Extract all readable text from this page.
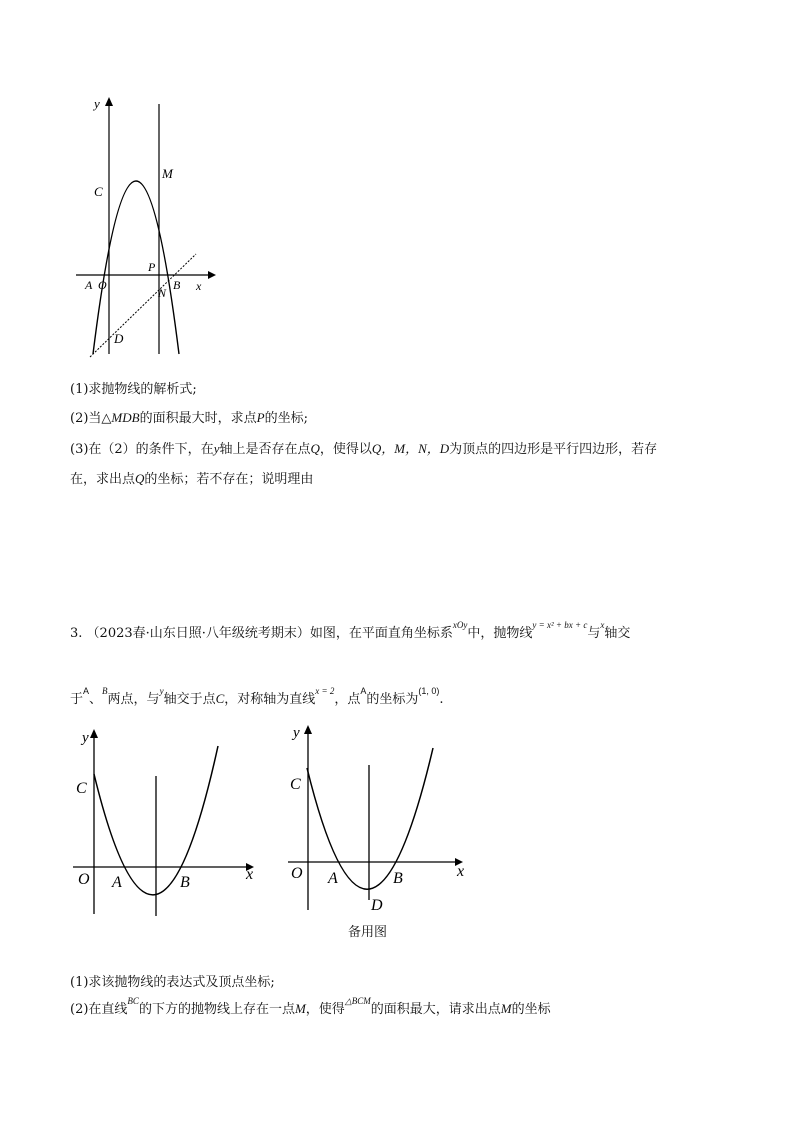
y
C
M
P
A O
N
B x
D
(1)求抛物线的解析式;
(2)当△MDB的面积最大时，求点P的坐标;
(3)在（2）的条件下，在y轴上是否存在点Q，使得以Q，M，N，D为顶点的四边形是平行四边形，若存
在，求出点Q的坐标；若不存在；说明理由
3. （2023春·山东日照·八年级统考期末）如图，在平面直角坐标系$^{xOy}$中，抛物线$^{y = x^2 + bx + c}$与$^x$轴交
于$^A$、$^B$两点，与$^y$轴交于点C，对称轴为直线$^{x = 2}$，点$^A$的坐标为$^{(1, 0)}$.
y
C
O A	B	x
y
C
O A	B	x
D
备用图
(1)求该抛物线的表达式及顶点坐标;
(2)在直线$^{BC}$的下方的抛物线上存在一点M，使得$^{\triangle BCM}$的面积最大，请求出点M的坐标
